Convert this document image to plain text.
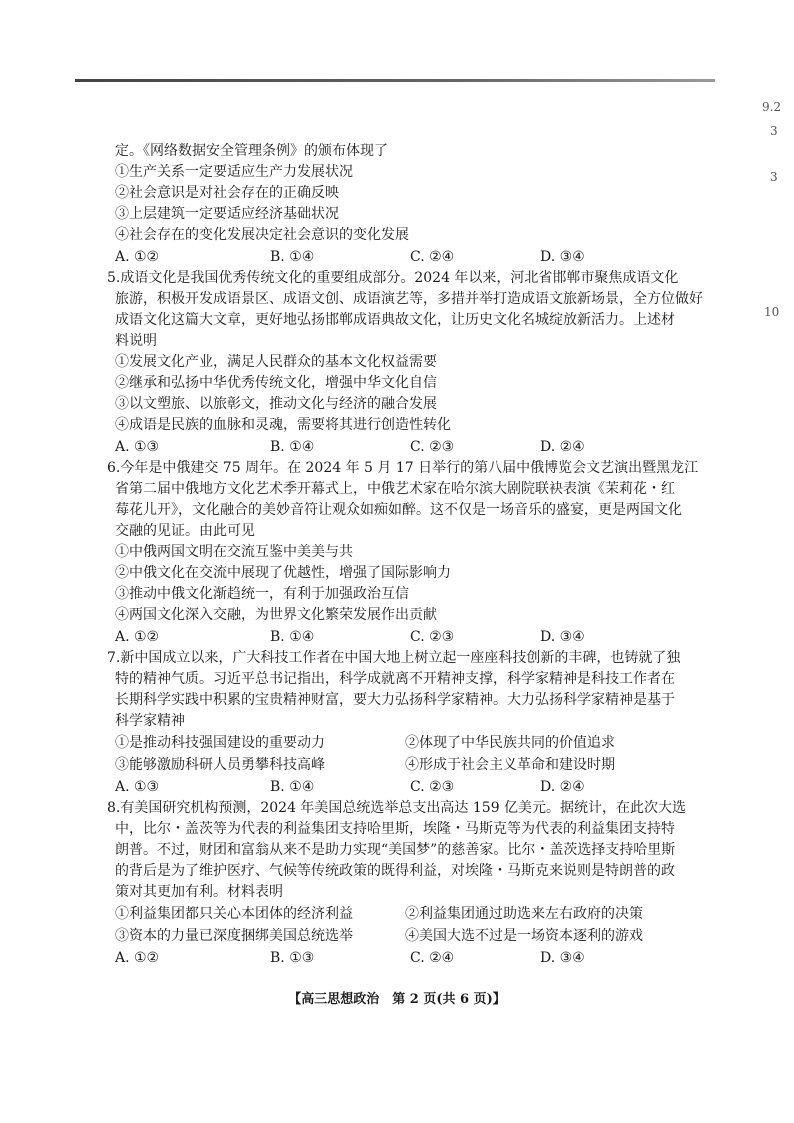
9.2
3
3
10
定。《网络数据安全管理条例》的颁布体现了
①生产关系一定要适应生产力发展状况
②社会意识是对社会存在的正确反映
③上层建筑一定要适应经济基础状况
④社会存在的变化发展决定社会意识的变化发展
A. ①②	B. ①④	C. ②④	D. ③④
5.成语文化是我国优秀传统文化的重要组成部分。2024 年以来，河北省邯郸市聚焦成语文化
旅游，积极开发成语景区、成语文创、成语演艺等，多措并举打造成语文旅新场景，全方位做好
成语文化这篇大文章，更好地弘扬邯郸成语典故文化，让历史文化名城绽放新活力。上述材
料说明
①发展文化产业，满足人民群众的基本文化权益需要
②继承和弘扬中华优秀传统文化，增强中华文化自信
③以文塑旅、以旅彰文，推动文化与经济的融合发展
④成语是民族的血脉和灵魂，需要将其进行创造性转化
A. ①③	B. ①④	C. ②③	D. ②④
6.今年是中俄建交 75 周年。在 2024 年 5 月 17 日举行的第八届中俄博览会文艺演出暨黑龙江
省第二届中俄地方文化艺术季开幕式上，中俄艺术家在哈尔滨大剧院联袂表演《茉莉花・红
莓花儿开》，文化融合的美妙音符让观众如痴如醉。这不仅是一场音乐的盛宴，更是两国文化
交融的见证。由此可见
①中俄两国文明在交流互鉴中美美与共
②中俄文化在交流中展现了优越性，增强了国际影响力
③推动中俄文化渐趋统一，有利于加强政治互信
④两国文化深入交融，为世界文化繁荣发展作出贡献
A. ①②	B. ①④	C. ②③	D. ③④
7.新中国成立以来，广大科技工作者在中国大地上树立起一座座科技创新的丰碑，也铸就了独
特的精神气质。习近平总书记指出，科学成就离不开精神支撑，科学家精神是科技工作者在
长期科学实践中积累的宝贵精神财富，要大力弘扬科学家精神。大力弘扬科学家精神是基于
科学家精神
①是推动科技强国建设的重要动力	②体现了中华民族共同的价值追求
③能够激励科研人员勇攀科技高峰	④形成于社会主义革命和建设时期
A. ①③	B. ①④	C. ②③	D. ②④
8.有美国研究机构预测，2024 年美国总统选举总支出高达 159 亿美元。据统计，在此次大选
中，比尔・盖茨等为代表的利益集团支持哈里斯，埃隆・马斯克等为代表的利益集团支持特
朗普。不过，财团和富翁从来不是助力实现“美国梦”的慈善家。比尔・盖茨选择支持哈里斯
的背后是为了维护医疗、气候等传统政策的既得利益，对埃隆・马斯克来说则是特朗普的政
策对其更加有利。材料表明
①利益集团都只关心本团体的经济利益	②利益集团通过助选来左右政府的决策
③资本的力量已深度捆绑美国总统选举	④美国大选不过是一场资本逐利的游戏
A. ①②	B. ①③	C. ②④	D. ③④
【高三思想政治　第 2 页(共 6 页)】
